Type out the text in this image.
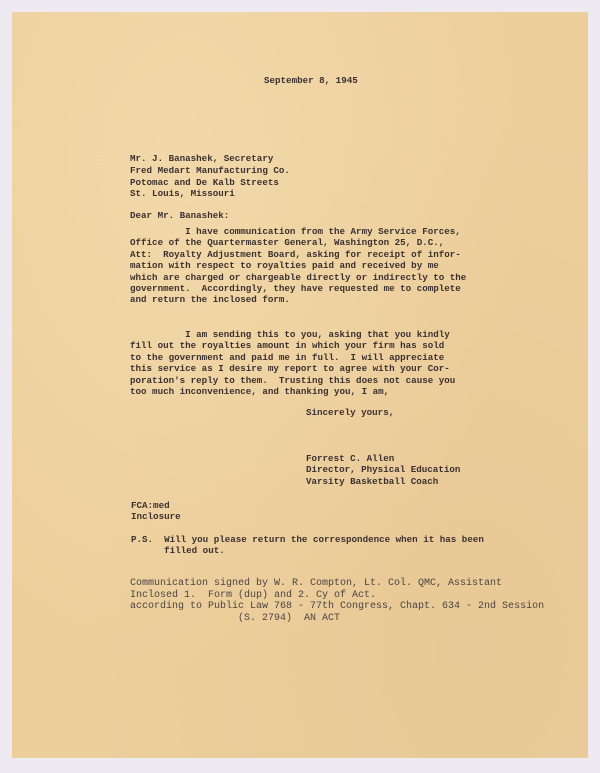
September 8, 1945
Mr. J. Banashek, Secretary
Fred Medart Manufacturing Co.
Potomac and De Kalb Streets
St. Louis, Missouri
Dear Mr. Banashek:
I have communication from the Army Service Forces,
Office of the Quartermaster General, Washington 25, D.C.,
Att:  Royalty Adjustment Board, asking for receipt of infor-
mation with respect to royalties paid and received by me
which are charged or chargeable directly or indirectly to the
government.  Accordingly, they have requested me to complete
and return the inclosed form.
I am sending this to you, asking that you kindly
fill out the royalties amount in which your firm has sold
to the government and paid me in full.  I will appreciate
this service as I desire my report to agree with your Cor-
poration's reply to them.  Trusting this does not cause you
too much inconvenience, and thanking you, I am,
Sincerely yours,
Forrest C. Allen
Director, Physical Education
Varsity Basketball Coach
FCA:med
Inclosure
P.S.  Will you please return the correspondence when it has been
filled out.
Communication signed by W. R. Compton, Lt. Col. QMC, Assistant
Inclosed 1.  Form (dup) and 2. Cy of Act.
according to Public Law 768 - 77th Congress, Chapt. 634 - 2nd Session
(S. 2794)  AN ACT
